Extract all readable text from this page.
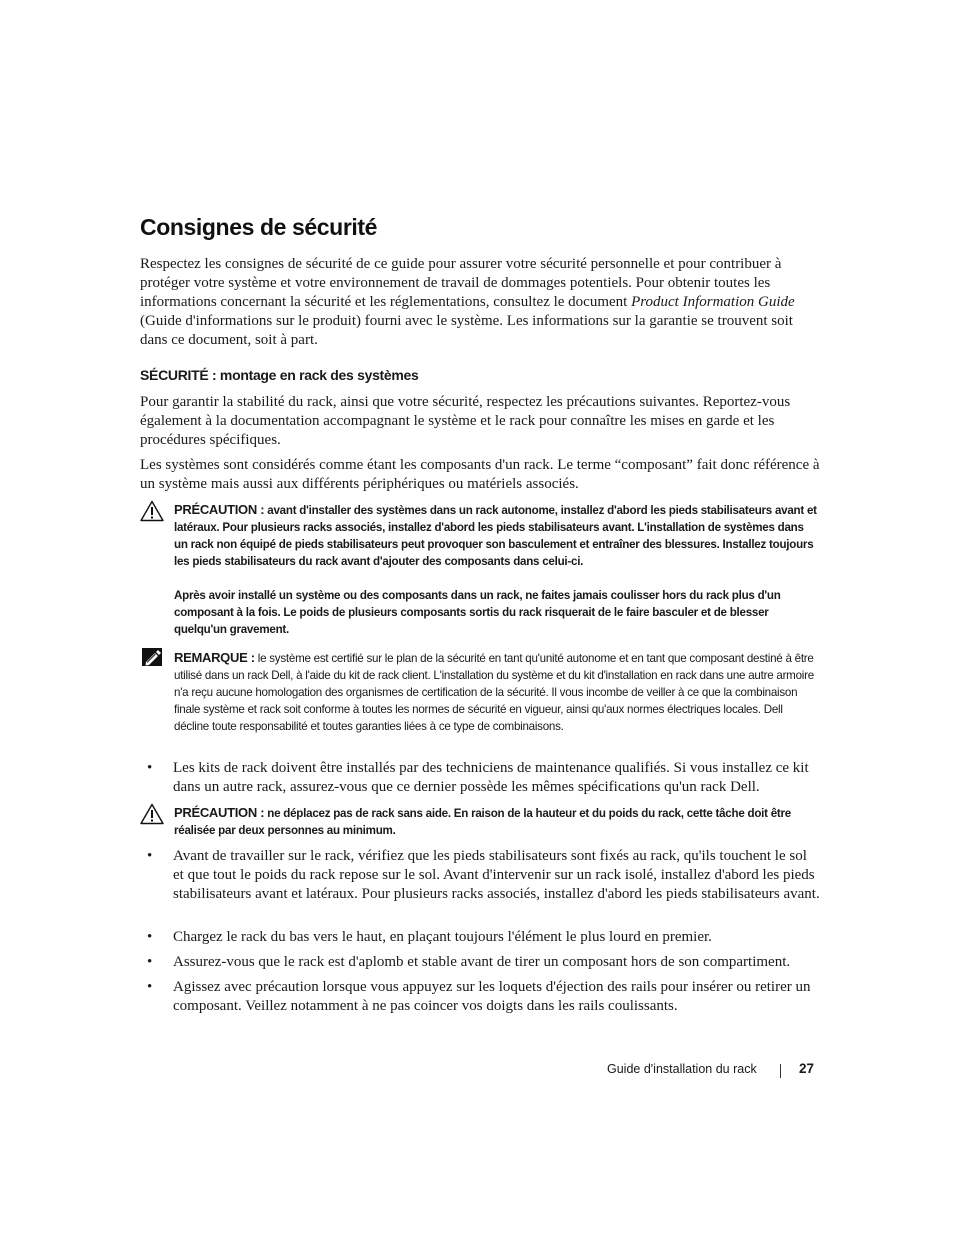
Consignes de sécurité

Respectez les consignes de sécurité de ce guide pour assurer votre sécurité personnelle et pour contribuer à protéger votre système et votre environnement de travail de dommages potentiels. Pour obtenir toutes les informations concernant la sécurité et les réglementations, consultez le document Product Information Guide (Guide d'informations sur le produit) fourni avec le système. Les informations sur la garantie se trouvent soit dans ce document, soit à part.

SÉCURITÉ : montage en rack des systèmes

Pour garantir la stabilité du rack, ainsi que votre sécurité, respectez les précautions suivantes. Reportez-vous également à la documentation accompagnant le système et le rack pour connaître les mises en garde et les procédures spécifiques.

Les systèmes sont considérés comme étant les composants d'un rack. Le terme “composant” fait donc référence à un système mais aussi aux différents périphériques ou matériels associés.

PRÉCAUTION : avant d'installer des systèmes dans un rack autonome, installez d'abord les pieds stabilisateurs avant et latéraux. Pour plusieurs racks associés, installez d'abord les pieds stabilisateurs avant. L'installation de systèmes dans un rack non équipé de pieds stabilisateurs peut provoquer son basculement et entraîner des blessures. Installez toujours les pieds stabilisateurs du rack avant d'ajouter des composants dans celui-ci.
Après avoir installé un système ou des composants dans un rack, ne faites jamais coulisser hors du rack plus d'un composant à la fois. Le poids de plusieurs composants sortis du rack risquerait de le faire basculer et de blesser quelqu'un gravement.
REMARQUE : le système est certifié sur le plan de la sécurité en tant qu'unité autonome et en tant que composant destiné à être utilisé dans un rack Dell, à l'aide du kit de rack client. L'installation du système et du kit d'installation en rack dans une autre armoire n'a reçu aucune homologation des organismes de certification de la sécurité. Il vous incombe de veiller à ce que la combinaison finale système et rack soit conforme à toutes les normes de sécurité en vigueur, ainsi qu'aux normes électriques locales. Dell décline toute responsabilité et toutes garanties liées à ce type de combinaisons.
• Les kits de rack doivent être installés par des techniciens de maintenance qualifiés. Si vous installez ce kit dans un autre rack, assurez-vous que ce dernier possède les mêmes spécifications qu'un rack Dell.
PRÉCAUTION : ne déplacez pas de rack sans aide. En raison de la hauteur et du poids du rack, cette tâche doit être réalisée par deux personnes au minimum.
• Avant de travailler sur le rack, vérifiez que les pieds stabilisateurs sont fixés au rack, qu'ils touchent le sol et que tout le poids du rack repose sur le sol. Avant d'intervenir sur un rack isolé, installez d'abord les pieds stabilisateurs avant et latéraux. Pour plusieurs racks associés, installez d'abord les pieds stabilisateurs avant.
• Chargez le rack du bas vers le haut, en plaçant toujours l'élément le plus lourd en premier.
• Assurez-vous que le rack est d'aplomb et stable avant de tirer un composant hors de son compartiment.
• Agissez avec précaution lorsque vous appuyez sur les loquets d'éjection des rails pour insérer ou retirer un composant. Veillez notamment à ne pas coincer vos doigts dans les rails coulissants.
Guide d'installation du rack	27
